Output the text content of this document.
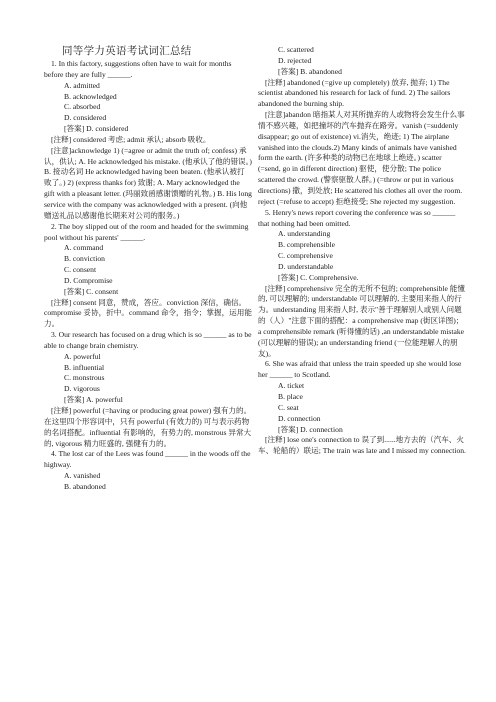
同等学力英语考试词汇总结

1. In this factory, suggestions often have to wait for months before they are fully ______.

A. admitted

B. acknowledged

C. absorbed

D. considered

[答案] D. considered

[注释] considered 考虑; admit 承认; absorb 吸收。

[注意]acknowledge 1) (=agree or admit the truth of; confess) 承认，供认; A. He acknowledged his mistake. (他承认了他的错误。) B. 接动名词 He acknowledged having been beaten. (他承认被打败了。) 2) (express thanks for) 致谢; A. Mary acknowledged the gift with a pleasant letter. (玛丽致函感谢馈赠的礼物。) B. His long service with the company was acknowledged with a present. (向他赠送礼品以感谢他长期来对公司的服务。)

2. The boy slipped out of the room and headed for the swimming pool without his parents' ______.

A. command

B. conviction

C. consent

D. Compromise

[答案] C. consent

[注释] consent 同意，赞成，答应。conviction 深信，确信。compromise 妥协，折中。command 命令，指令；掌握，运用能力。

3. Our research has focused on a drug which is so ______ as to be able to change brain chemistry.

A. powerful

B. influential

C. monstrous

D. vigorous

[答案] A. powerful

[注释] powerful (=having or producing great power) 强有力的。在这里四个形容词中，只有 powerful (有效力的) 可与表示药物的名词搭配。influential 有影响的，有势力的, monstrous 异常大的, vigorous 精力旺盛的, 强健有力的。

4. The lost car of the Lees was found ______ in the woods off the highway.

A. vanished

B. abandoned

C. scattered

D. rejected

[答案] B. abandoned

[注释] abandoned (=give up completely) 放弃, 抛弃; 1) The scientist abandoned his research for lack of fund. 2) The sailors abandoned the burning ship.

[注意]abandon 暗指某人对其所抛弃的人或物将会发生什么事情不感兴趣，如把撞坏的汽车抛弃在路旁。vanish (=suddenly disappear; go out of existence) vi.消失，绝迹; 1) The airplane vanished into the clouds.2) Many kinds of animals have vanished form the earth. (许多种类的动物已在地球上绝迹。) scatter (=send, go in different direction) 驱使，使分散; The police scattered the crowd. (警察驱散人群。) (=throw or put in various directions) 撒，到处放; He scattered his clothes all over the room. reject (=refuse to accept) 拒绝接受; She rejected my suggestion.

5. Henry's news report covering the conference was so ______ that nothing had been omitted.

A. understanding

B. comprehensible

C. comprehensive

D. understandable

[答案] C. Comprehensive.

[注释] comprehensive 完全的无所不包的; comprehensible 能懂的, 可以理解的; understandable 可以理解的, 主要用来指人的行为。understanding 用来指人时, 表示"善于理解别人或别人问题的（人）"注意下面的搭配：a comprehensive map (街区详图)；a comprehensible remark (听得懂的话) ,an understandable mistake (可以理解的错误); an understanding friend (一位能理解人的朋友)。

6. She was afraid that unless the train speeded up she would lose her ______ to Scotland.

A. ticket

B. place

C. seat

D. connection

[答案] D. connection

[注释] lose one's connection to 误了到......地方去的（汽车、火车、轮船的）联运; The train was late and I missed my connection.
